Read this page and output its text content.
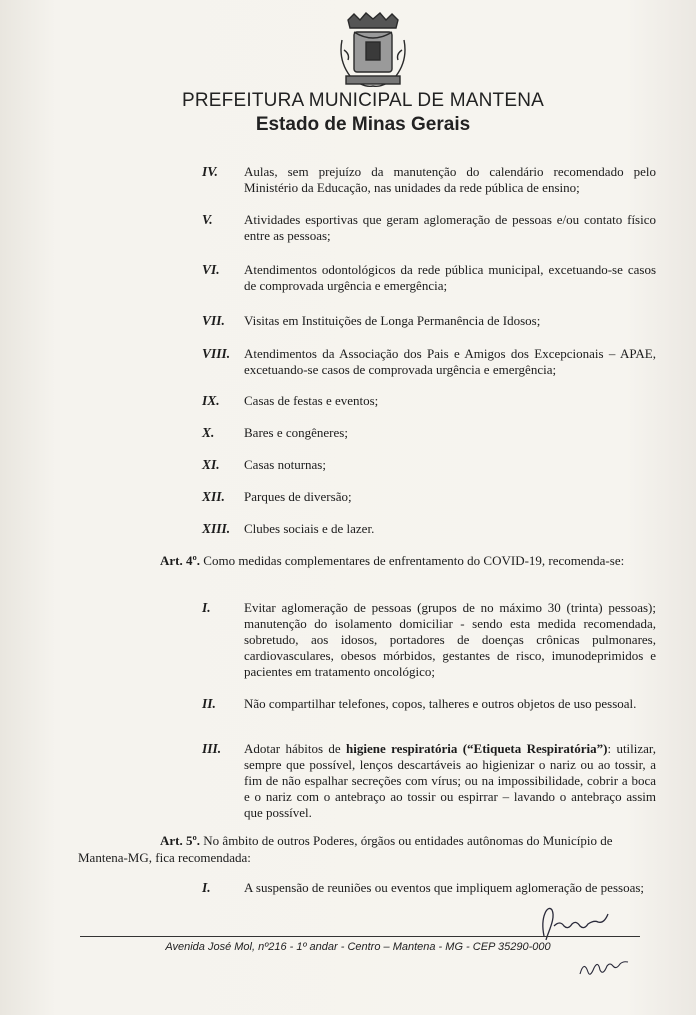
PREFEITURA MUNICIPAL DE MANTENA
Estado de Minas Gerais
IV. Aulas, sem prejuízo da manutenção do calendário recomendado pelo Ministério da Educação, nas unidades da rede pública de ensino;
V. Atividades esportivas que geram aglomeração de pessoas e/ou contato físico entre as pessoas;
VI. Atendimentos odontológicos da rede pública municipal, excetuando-se casos de comprovada urgência e emergência;
VII. Visitas em Instituições de Longa Permanência de Idosos;
VIII. Atendimentos da Associação dos Pais e Amigos dos Excepcionais – APAE, excetuando-se casos de comprovada urgência e emergência;
IX. Casas de festas e eventos;
X. Bares e congêneres;
XI. Casas noturnas;
XII. Parques de diversão;
XIII. Clubes sociais e de lazer.
Art. 4º. Como medidas complementares de enfrentamento do COVID-19, recomenda-se:
I.	Evitar aglomeração de pessoas (grupos de no máximo 30 (trinta) pessoas); manutenção do isolamento domiciliar - sendo esta medida recomendada, sobretudo, aos idosos, portadores de doenças crônicas pulmonares, cardiovasculares, obesos mórbidos, gestantes de risco, imunodeprimidos e pacientes em tratamento oncológico;
II. Não compartilhar telefones, copos, talheres e outros objetos de uso pessoal.
III. Adotar hábitos de higiene respiratória (“Etiqueta Respiratória”): utilizar, sempre que possível, lenços descartáveis ao higienizar o nariz ou ao tossir, a fim de não espalhar secreções com vírus; ou na impossibilidade, cobrir a boca e o nariz com o antebraço ao tossir ou espirrar – lavando o antebraço assim que possível.
Art. 5º. No âmbito de outros Poderes, órgãos ou entidades autônomas do Município de Mantena-MG, fica recomendada:
I.	A suspensão de reuniões ou eventos que impliquem aglomeração de pessoas;
Avenida José Mol, nº216 - 1º andar - Centro – Mantena - MG - CEP 35290-000
